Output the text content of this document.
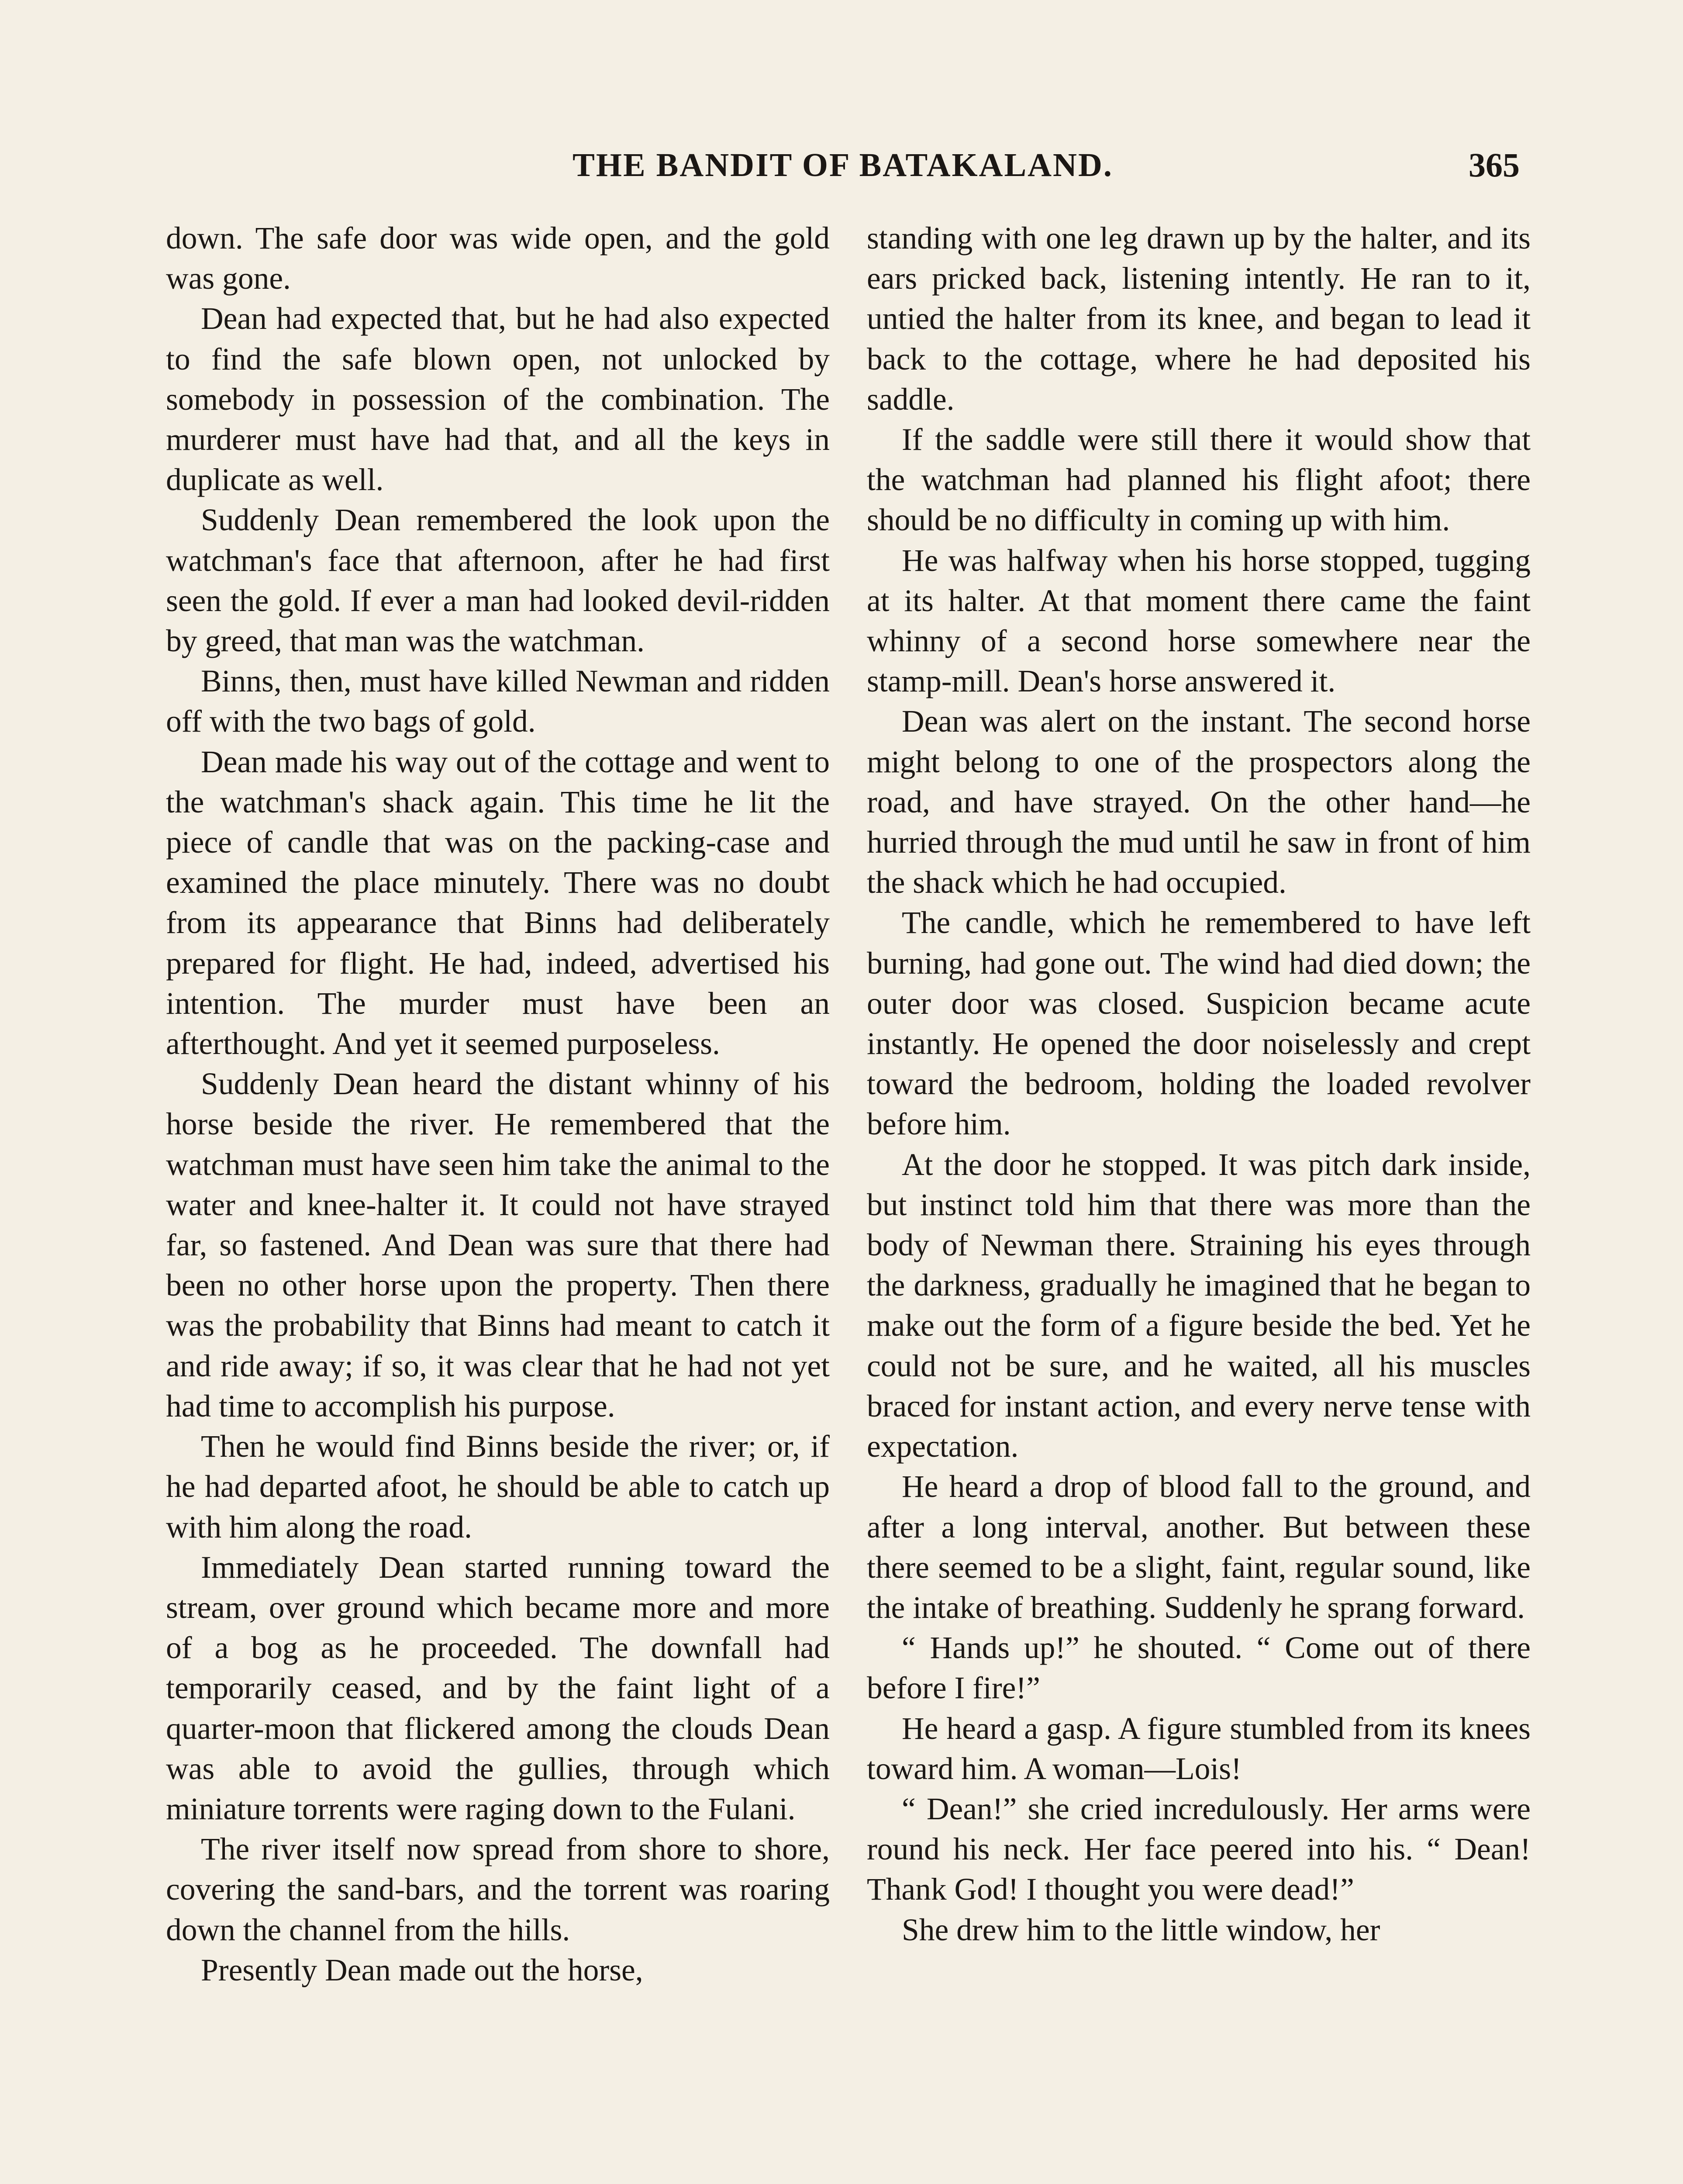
THE BANDIT OF BATAKALAND.	365

down. The safe door was wide open, and the gold was gone.

Dean had expected that, but he had also expected to find the safe blown open, not unlocked by somebody in possession of the combination. The murderer must have had that, and all the keys in duplicate as well.

Suddenly Dean remembered the look upon the watchman's face that afternoon, after he had first seen the gold. If ever a man had looked devil-ridden by greed, that man was the watchman.

Binns, then, must have killed Newman and ridden off with the two bags of gold.

Dean made his way out of the cottage and went to the watchman's shack again. This time he lit the piece of candle that was on the packing-case and examined the place minutely. There was no doubt from its appearance that Binns had deliberately prepared for flight. He had, indeed, advertised his intention. The murder must have been an afterthought. And yet it seemed purposeless.

Suddenly Dean heard the distant whinny of his horse beside the river. He remembered that the watchman must have seen him take the animal to the water and knee-halter it. It could not have strayed far, so fastened. And Dean was sure that there had been no other horse upon the property. Then there was the probability that Binns had meant to catch it and ride away; if so, it was clear that he had not yet had time to accomplish his purpose.

Then he would find Binns beside the river; or, if he had departed afoot, he should be able to catch up with him along the road.

Immediately Dean started running toward the stream, over ground which became more and more of a bog as he proceeded. The downfall had temporarily ceased, and by the faint light of a quarter-moon that flickered among the clouds Dean was able to avoid the gullies, through which miniature torrents were raging down to the Fulani.

The river itself now spread from shore to shore, covering the sand-bars, and the torrent was roaring down the channel from the hills.

Presently Dean made out the horse,

standing with one leg drawn up by the halter, and its ears pricked back, listening intently. He ran to it, untied the halter from its knee, and began to lead it back to the cottage, where he had deposited his saddle.

If the saddle were still there it would show that the watchman had planned his flight afoot; there should be no difficulty in coming up with him.

He was halfway when his horse stopped, tugging at its halter. At that moment there came the faint whinny of a second horse somewhere near the stamp-mill. Dean's horse answered it.

Dean was alert on the instant. The second horse might belong to one of the prospectors along the road, and have strayed. On the other hand—he hurried through the mud until he saw in front of him the shack which he had occupied.

The candle, which he remembered to have left burning, had gone out. The wind had died down; the outer door was closed. Suspicion became acute instantly. He opened the door noiselessly and crept toward the bedroom, holding the loaded revolver before him.

At the door he stopped. It was pitch dark inside, but instinct told him that there was more than the body of Newman there. Straining his eyes through the darkness, gradually he imagined that he began to make out the form of a figure beside the bed. Yet he could not be sure, and he waited, all his muscles braced for instant action, and every nerve tense with expectation.

He heard a drop of blood fall to the ground, and after a long interval, another. But between these there seemed to be a slight, faint, regular sound, like the intake of breathing. Suddenly he sprang forward.

“ Hands up!” he shouted. “ Come out of there before I fire!”

He heard a gasp. A figure stumbled from its knees toward him. A woman—Lois!

“ Dean!” she cried incredulously. Her arms were round his neck. Her face peered into his. “ Dean! Thank God! I thought you were dead!”

She drew him to the little window, her
